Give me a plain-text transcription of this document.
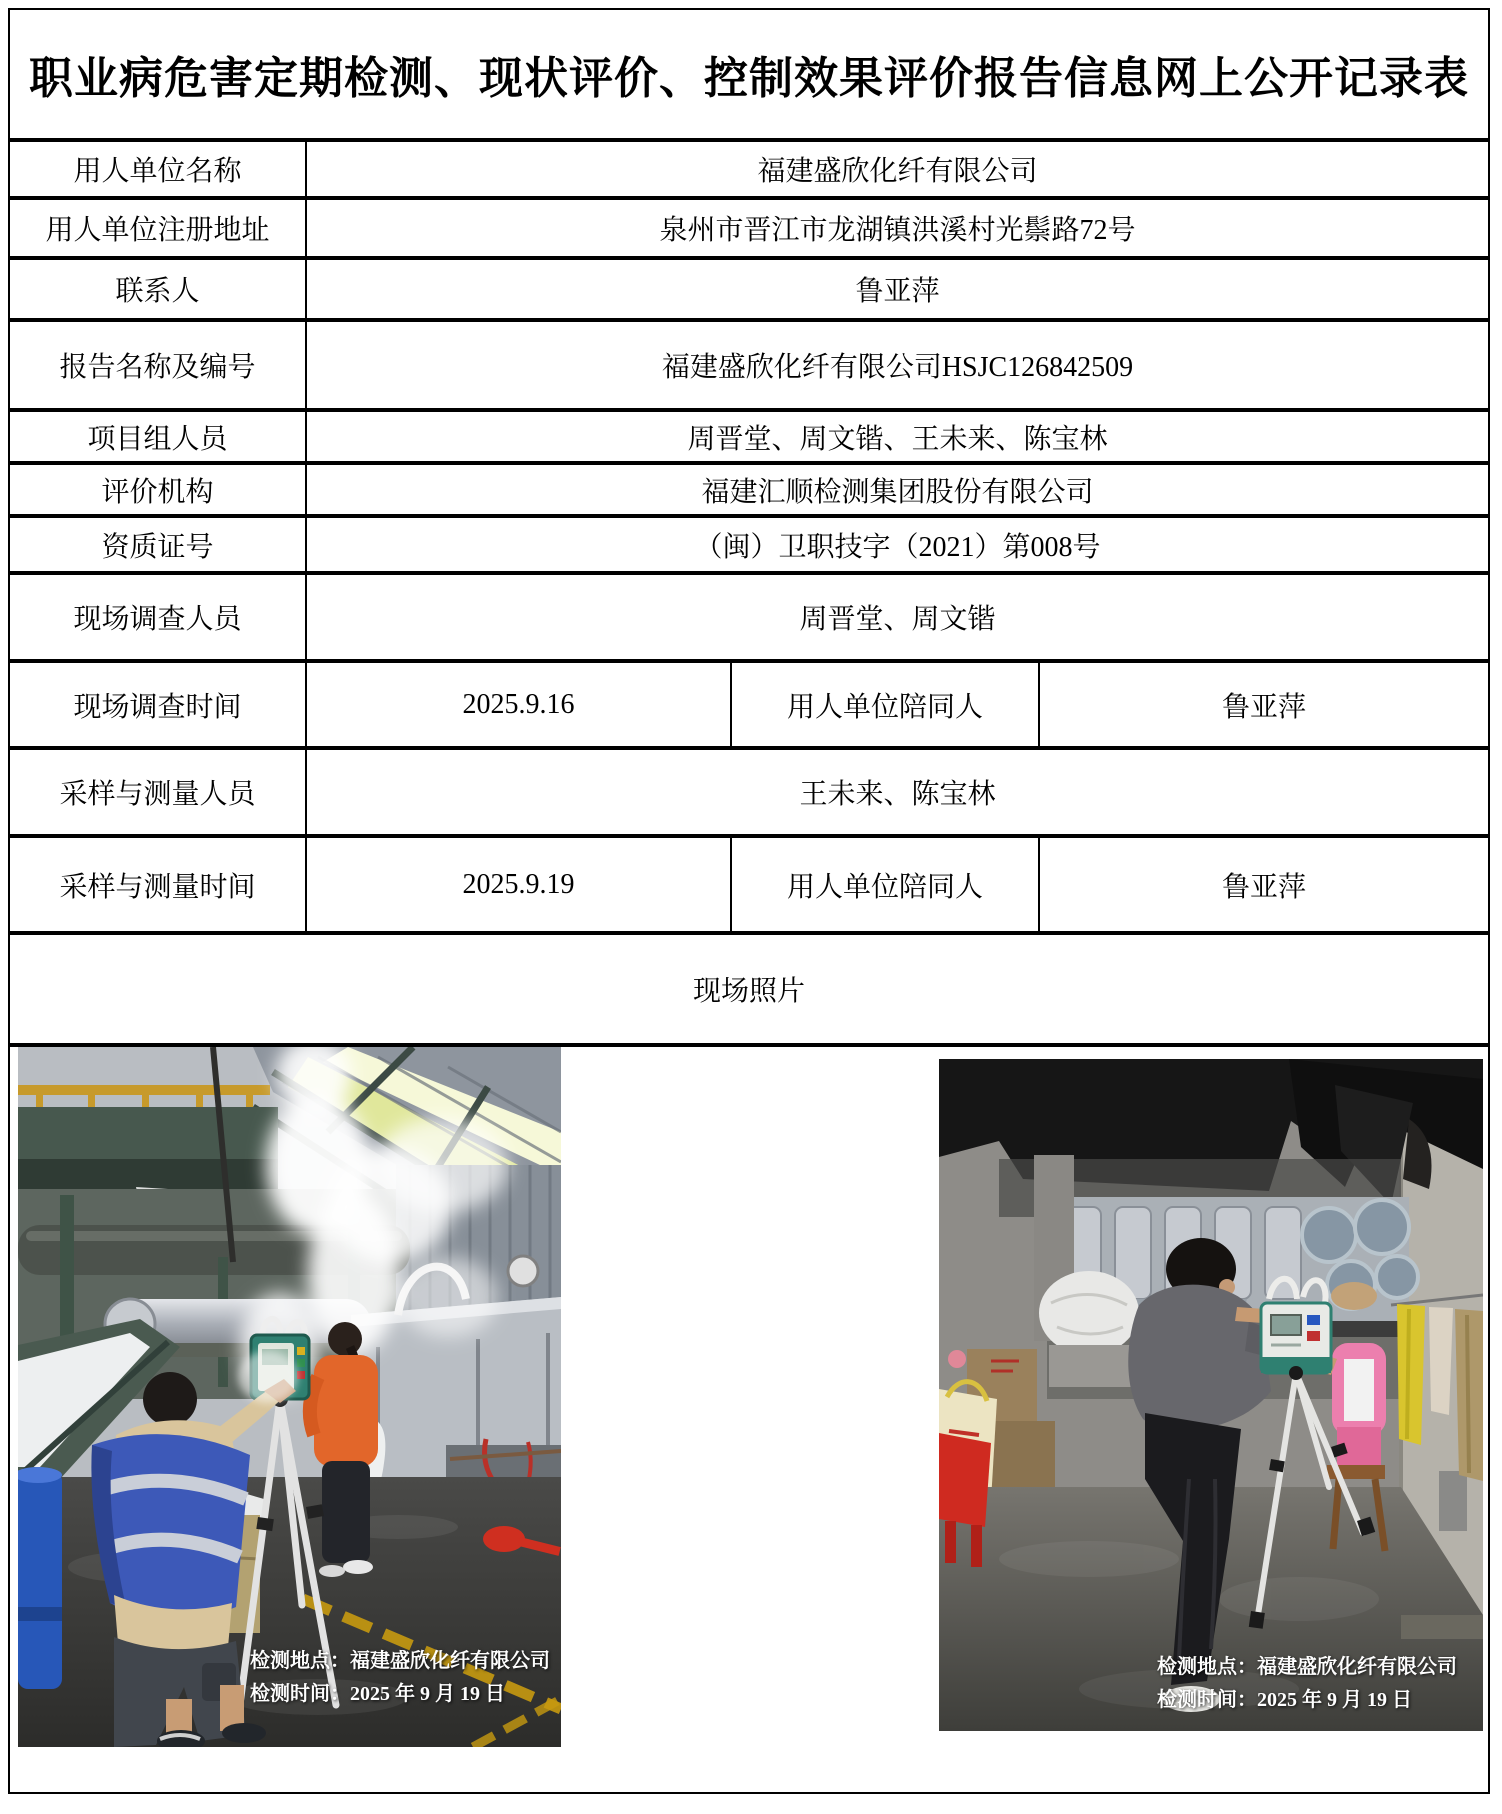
职业病危害定期检测、现状评价、控制效果评价报告信息网上公开记录表
用人单位名称	福建盛欣化纤有限公司
用人单位注册地址	泉州市晋江市龙湖镇洪溪村光鬃路72号
联系人	鲁亚萍
报告名称及编号	福建盛欣化纤有限公司HSJC126842509
项目组人员	周晋堂、周文锴、王未来、陈宝林
评价机构	福建汇顺检测集团股份有限公司
资质证号	（闽）卫职技字（2021）第008号
现场调查人员	周晋堂、周文锴
现场调查时间	2025.9.16	用人单位陪同人	鲁亚萍
采样与测量人员	王未来、陈宝林
采样与测量时间	2025.9.19	用人单位陪同人	鲁亚萍
现场照片
检测地点：福建盛欣化纤有限公司
检测时间：2025 年 9 月 19 日
检测地点：福建盛欣化纤有限公司
检测时间：2025 年 9 月 19 日
